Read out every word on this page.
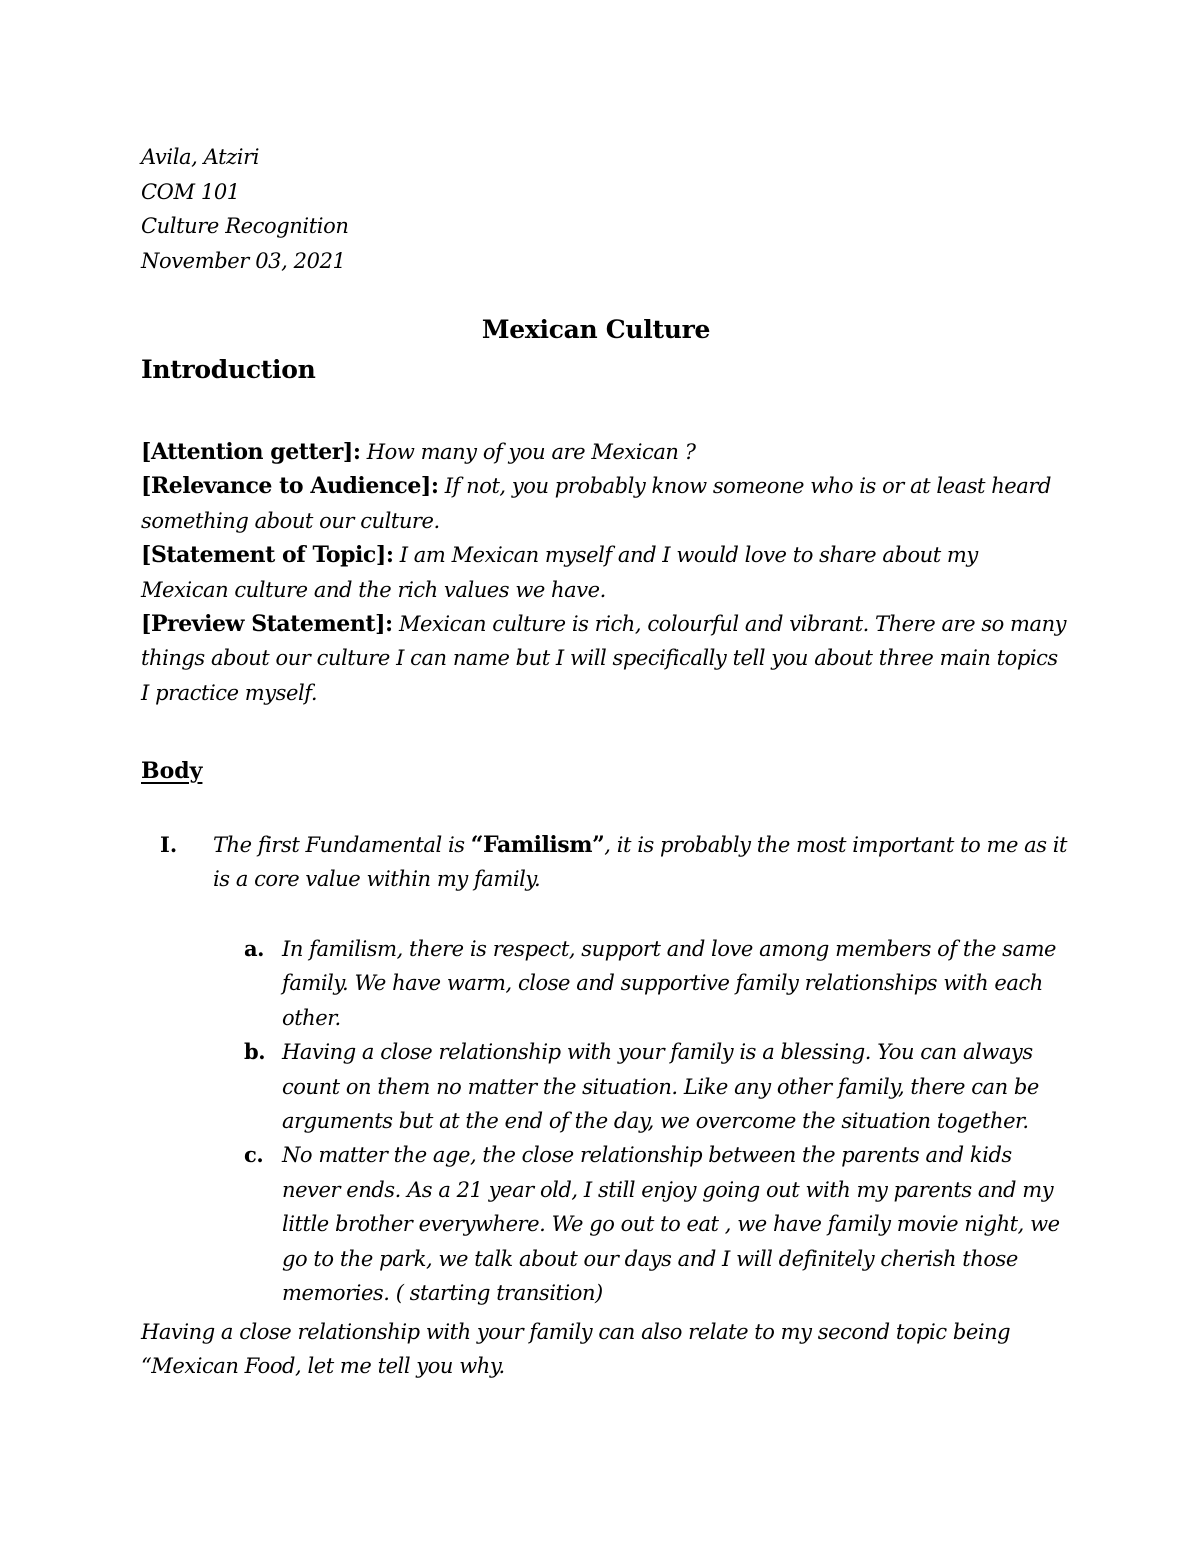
Avila, Atziri
COM 101
Culture Recognition
November 03, 2021
Mexican Culture
Introduction

[Attention getter]: How many of you are Mexican ?

[Relevance to Audience]: If not, you probably know someone who is or at least heard something about our culture.

[Statement of Topic]: I am Mexican myself and I would love to share about my Mexican culture and the rich values we have.

[Preview Statement]: Mexican culture is rich, colourful and vibrant. There are so many things about our culture I can name but I will specifically tell you about three main topics I practice myself.

Body
I. The first Fundamental is “Familism”, it is probably the most important to me as it is a core value within my family.
a. In familism, there is respect, support and love among members of the same family. We have warm, close and supportive family relationships with each other.
b. Having a close relationship with your family is a blessing. You can always count on them no matter the situation. Like any other family, there can be arguments but at the end of the day, we overcome the situation together.
c. No matter the age, the close relationship between the parents and kids never ends. As a 21 year old, I still enjoy going out with my parents and my little brother everywhere. We go out to eat , we have family movie night, we go to the park, we talk about our days and I will definitely cherish those memories. ( starting transition)
Having a close relationship with your family can also relate to my second topic being “Mexican Food, let me tell you why.
